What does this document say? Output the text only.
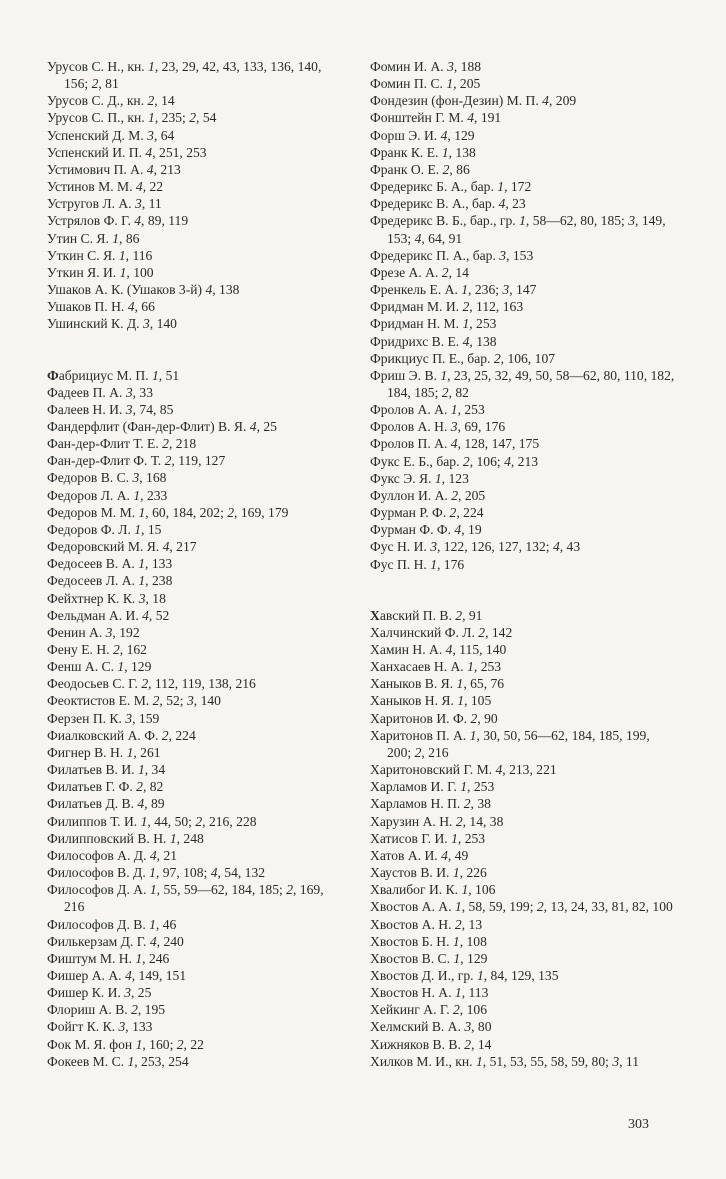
Урусов С. Н., кн. 1, 23, 29, 42, 43, 133, 136, 140, 156; 2, 81
Урусов С. Д., кн. 2, 14
Урусов С. П., кн. 1, 235; 2, 54
Успенский Д. М. 3, 64
Успенский И. П. 4, 251, 253
Устимович П. А. 4, 213
Устинов М. М. 4, 22
Устругов Л. А. 3, 11
Устрялов Ф. Г. 4, 89, 119
Утин С. Я. 1, 86
Уткин С. Я. 1, 116
Уткин Я. И. 1, 100
Ушаков А. К. (Ушаков 3-й) 4, 138
Ушаков П. Н. 4, 66
Ушинский К. Д. 3, 140
Фабрициус М. П. 1, 51
Фадеев П. А. 3, 33
Фалеев Н. И. 3, 74, 85
Фандерфлит (Фан-дер-Флит) В. Я. 4, 25
Фан-дер-Флит Т. Е. 2, 218
Фан-дер-Флит Ф. Т. 2, 119, 127
Федоров В. С. 3, 168
Федоров Л. А. 1, 233
Федоров М. М. 1, 60, 184, 202; 2, 169, 179
Федоров Ф. Л. 1, 15
Федоровский М. Я. 4, 217
Федосеев В. А. 1, 133
Федосеев Л. А. 1, 238
Фейхтнер К. К. 3, 18
Фельдман А. И. 4, 52
Фенин А. 3, 192
Фену Е. Н. 2, 162
Фенш А. С. 1, 129
Феодосьев С. Г. 2, 112, 119, 138, 216
Феоктистов Е. М. 2, 52; 3, 140
Ферзен П. К. 3, 159
Фиалковский А. Ф. 2, 224
Фигнер В. Н. 1, 261
Филатьев В. И. 1, 34
Филатьев Г. Ф. 2, 82
Филатьев Д. В. 4, 89
Филиппов Т. И. 1, 44, 50; 2, 216, 228
Филипповский В. Н. 1, 248
Философов А. Д. 4, 21
Философов В. Д. 1, 97, 108; 4, 54, 132
Философов Д. А. 1, 55, 59—62, 184, 185; 2, 169, 216
Философов Д. В. 1, 46
Филькерзам Д. Г. 4, 240
Фиштум М. Н. 1, 246
Фишер А. А. 4, 149, 151
Фишер К. И. 3, 25
Флориш А. В. 2, 195
Фойгт К. К. 3, 133
Фок М. Я. фон 1, 160; 2, 22
Фокеев М. С. 1, 253, 254
Фомин И. А. 3, 188
Фомин П. С. 1, 205
Фондезин (фон-Дезин) М. П. 4, 209
Фонштейн Г. М. 4, 191
Форш Э. И. 4, 129
Франк К. Е. 1, 138
Франк О. Е. 2, 86
Фредерикс Б. А., бар. 1, 172
Фредерикс В. А., бар. 4, 23
Фредерикс В. Б., бар., гр. 1, 58—62, 80, 185; 3, 149, 153; 4, 64, 91
Фредерикс П. А., бар. 3, 153
Фрезе А. А. 2, 14
Френкель Е. А. 1, 236; 3, 147
Фридман М. И. 2, 112, 163
Фридман Н. М. 1, 253
Фридрихс В. Е. 4, 138
Фрикциус П. Е., бар. 2, 106, 107
Фриш Э. В. 1, 23, 25, 32, 49, 50, 58—62, 80, 110, 182, 184, 185; 2, 82
Фролов А. А. 1, 253
Фролов А. Н. 3, 69, 176
Фролов П. А. 4, 128, 147, 175
Фукс Е. Б., бар. 2, 106; 4, 213
Фукс Э. Я. 1, 123
Фуллон И. А. 2, 205
Фурман Р. Ф. 2, 224
Фурман Ф. Ф. 4, 19
Фус Н. И. 3, 122, 126, 127, 132; 4, 43
Фус П. Н. 1, 176
Хавский П. В. 2, 91
Халчинский Ф. Л. 2, 142
Хамин Н. А. 4, 115, 140
Ханхасаев Н. А. 1, 253
Ханыков В. Я. 1, 65, 76
Ханыков Н. Я. 1, 105
Харитонов И. Ф. 2, 90
Харитонов П. А. 1, 30, 50, 56—62, 184, 185, 199, 200; 2, 216
Харитоновский Г. М. 4, 213, 221
Харламов И. Г. 1, 253
Харламов Н. П. 2, 38
Харузин А. Н. 2, 14, 38
Хатисов Г. И. 1, 253
Хатов А. И. 4, 49
Хаустов В. И. 1, 226
Хвалибог И. К. 1, 106
Хвостов А. А. 1, 58, 59, 199; 2, 13, 24, 33, 81, 82, 100
Хвостов А. Н. 2, 13
Хвостов Б. Н. 1, 108
Хвостов В. С. 1, 129
Хвостов Д. И., гр. 1, 84, 129, 135
Хвостов Н. А. 1, 113
Хейкинг А. Г. 2, 106
Хелмский В. А. 3, 80
Хижняков В. В. 2, 14
Хилков М. И., кн. 1, 51, 53, 55, 58, 59, 80; 3, 11
303
